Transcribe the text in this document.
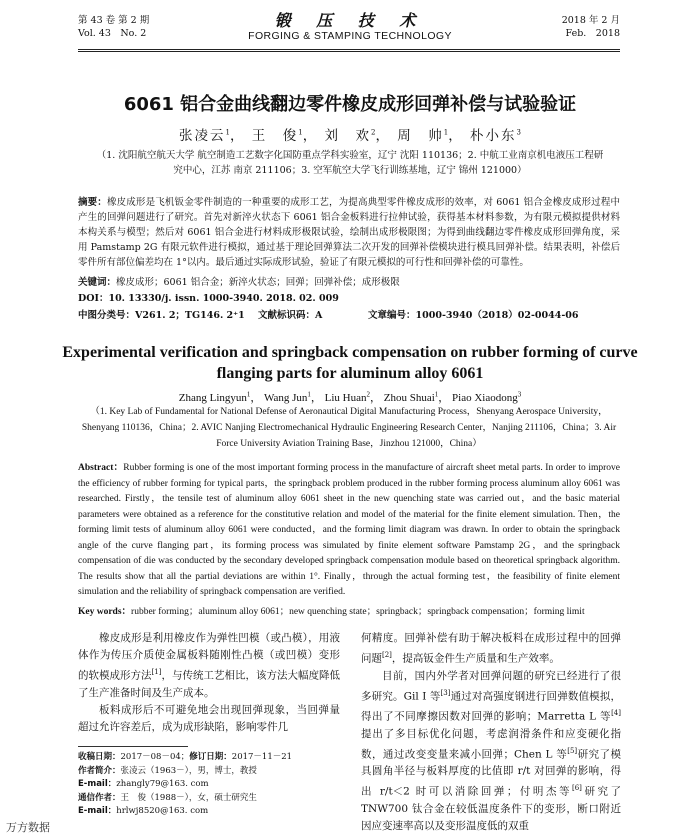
第 43 卷 第 2 期
Vol. 43　No. 2
锻 压 技 术
FORGING & STAMPING TECHNOLOGY
2018 年 2 月
Feb.　2018
6061 铝合金曲线翻边零件橡皮成形回弹补偿与试验验证
张凌云$^1$， 王　俊$^1$， 刘　欢$^2$， 周　帅$^1$， 朴小东$^3$
（1. 沈阳航空航天大学 航空制造工艺数字化国防重点学科实验室，辽宁 沈阳 110136；2. 中航工业南京机电液压工程研究中心，江苏 南京 211106；3. 空军航空大学飞行训练基地，辽宁 锦州 121000）
摘要：橡皮成形是飞机钣金零件制造的一种重要的成形工艺，为提高典型零件橡皮成形的效率，对 6061 铝合金橡皮成形过程中产生的回弹问题进行了研究。首先对新淬火状态下 6061 铝合金板料进行拉伸试验，获得基本材料参数，为有限元模拟提供材料本构关系与模型；然后对 6061 铝合金进行材料成形极限试验，绘制出成形极限图；为得到曲线翻边零件橡皮成形回弹角度，采用 Pamstamp 2G 有限元软件进行模拟，通过基于理论回弹算法二次开发的回弹补偿模块进行模具回弹补偿。结果表明，补偿后零件所有部位偏差均在 1°以内。最后通过实际成形试验，验证了有限元模拟的可行性和回弹补偿的可靠性。
关键词：橡皮成形；6061 铝合金；新淬火状态；回弹；回弹补偿；成形极限
DOI：10. 13330/j. issn. 1000-3940. 2018. 02. 009
中图分类号：V261. 2；TG146. 2⁺1 文献标识码：A	文章编号：1000-3940（2018）02-0044-06
Experimental verification and springback compensation on rubber forming of curve flanging parts for aluminum alloy 6061
Zhang Lingyun$^1$， Wang Jun$^1$， Liu Huan$^2$， Zhou Shuai$^1$， Piao Xiaodong$^3$
（1. Key Lab of Fundamental for National Defense of Aeronautical Digital Manufacturing Process，Shenyang Aerospace University，Shenyang 110136，China；2. AVIC Nanjing Electromechanical Hydraulic Engineering Research Center，Nanjing 211106，China；3. Air Force University Aviation Training Base，Jinzhou 121000，China）
Abstract：Rubber forming is one of the most important forming process in the manufacture of aircraft sheet metal parts. In order to improve the efficiency of rubber forming for typical parts，the springback problem produced in the rubber forming process aluminum alloy 6061 was researched. Firstly，the tensile test of aluminum alloy 6061 sheet in the new quenching state was carried out，and the basic material parameters were obtained as a reference for the constitutive relation and model of the material for the finite element simulation. Then，the forming limit tests of aluminum alloy 6061 were conducted，and the forming limit diagram was drawn. In order to obtain the springback angle of the curve flanging part，its forming process was simulated by finite element software Pamstamp 2G，and the springback compensation of die was conducted by the secondary developed springback compensation module based on theoretical springback algorithm. The results show that all the partial deviations are within 1°. Finally，through the actual forming test，the feasibility of finite element simulation and the reliability of springback compensation are verified.
Key words：rubber forming；aluminum alloy 6061；new quenching state；springback；springback compensation；forming limit

橡皮成形是利用橡皮作为弹性凹模（或凸模），用液体作为传压介质使金属板料随刚性凸模（或凹模）变形的软模成形方法[1]，与传统工艺相比，该方法大幅度降低了生产准备时间及生产成本。

板料成形后不可避免地会出现回弹现象，当回弹量超过允许容差后，成为成形缺陷，影响零件几

何精度。回弹补偿有助于解决板料在成形过程中的回弹问题[2]，提高钣金件生产质量和生产效率。

目前，国内外学者对回弹问题的研究已经进行了很多研究。Gil I 等[3]通过对高强度钢进行回弹数值模拟，得出了不同摩擦因数对回弹的影响；Marretta L 等[4]提出了多目标优化问题，考虑润滑条件和应变硬化指数，通过改变变量来减小回弹；Chen L 等[5]研究了模具圆角半径与板料厚度的比值即 r/t 对回弹的影响，得出 r/t＜2 时可以消除回弹；付明杰等[6]研究了 TNW700 钛合金在较低温度条件下的变形，断口附近因应变速率高以及变形温度低的双重

收稿日期：2017－08－04；修订日期：2017－11－21
作者简介：张凌云（1963－），男，博士，教授
E-mail：zhangly79@163. com
通信作者：王　俊（1988－），女，硕士研究生
E-mail：hrlwj8520@163. com
万方数据
